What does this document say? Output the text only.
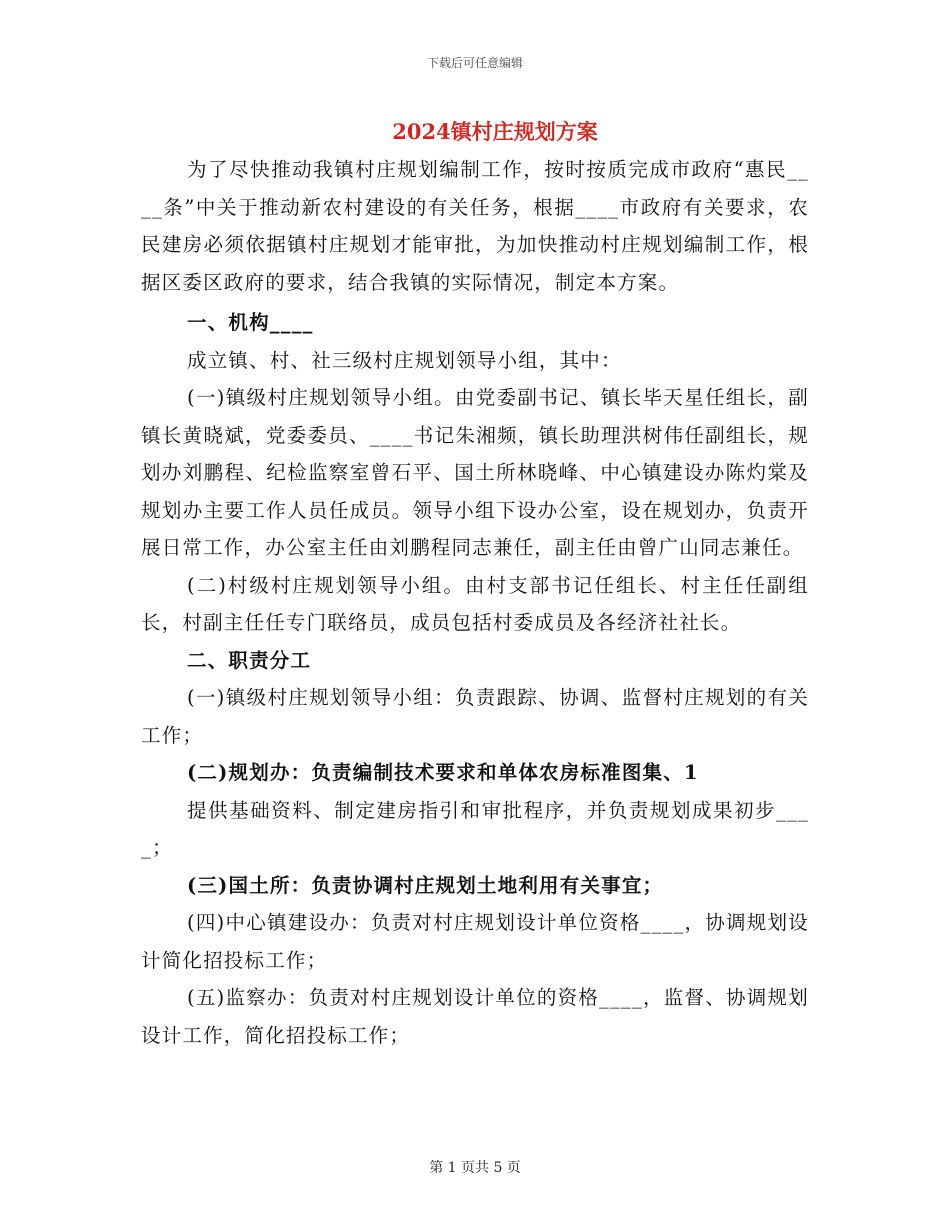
下载后可任意编辑
2024镇村庄规划方案

为了尽快推动我镇村庄规划编制工作，按时按质完成市政府“惠民____条”中关于推动新农村建设的有关任务，根据____市政府有关要求，农民建房必须依据镇村庄规划才能审批，为加快推动村庄规划编制工作，根据区委区政府的要求，结合我镇的实际情况，制定本方案。

一、机构____

成立镇、村、社三级村庄规划领导小组，其中：

(一)镇级村庄规划领导小组。由党委副书记、镇长毕天星任组长，副镇长黄晓斌，党委委员、____书记朱湘频，镇长助理洪树伟任副组长，规划办刘鹏程、纪检监察室曾石平、国土所林晓峰、中心镇建设办陈灼棠及规划办主要工作人员任成员。领导小组下设办公室，设在规划办，负责开展日常工作，办公室主任由刘鹏程同志兼任，副主任由曾广山同志兼任。

(二)村级村庄规划领导小组。由村支部书记任组长、村主任任副组长，村副主任任专门联络员，成员包括村委成员及各经济社社长。

二、职责分工

(一)镇级村庄规划领导小组：负责跟踪、协调、监督村庄规划的有关工作；

(二)规划办：负责编制技术要求和单体农房标准图集、1

提供基础资料、制定建房指引和审批程序，并负责规划成果初步____；

(三)国土所：负责协调村庄规划土地利用有关事宜；

(四)中心镇建设办：负责对村庄规划设计单位资格____，协调规划设计简化招投标工作；

(五)监察办：负责对村庄规划设计单位的资格____，监督、协调规划设计工作，简化招投标工作；

第 1 页共 5 页
